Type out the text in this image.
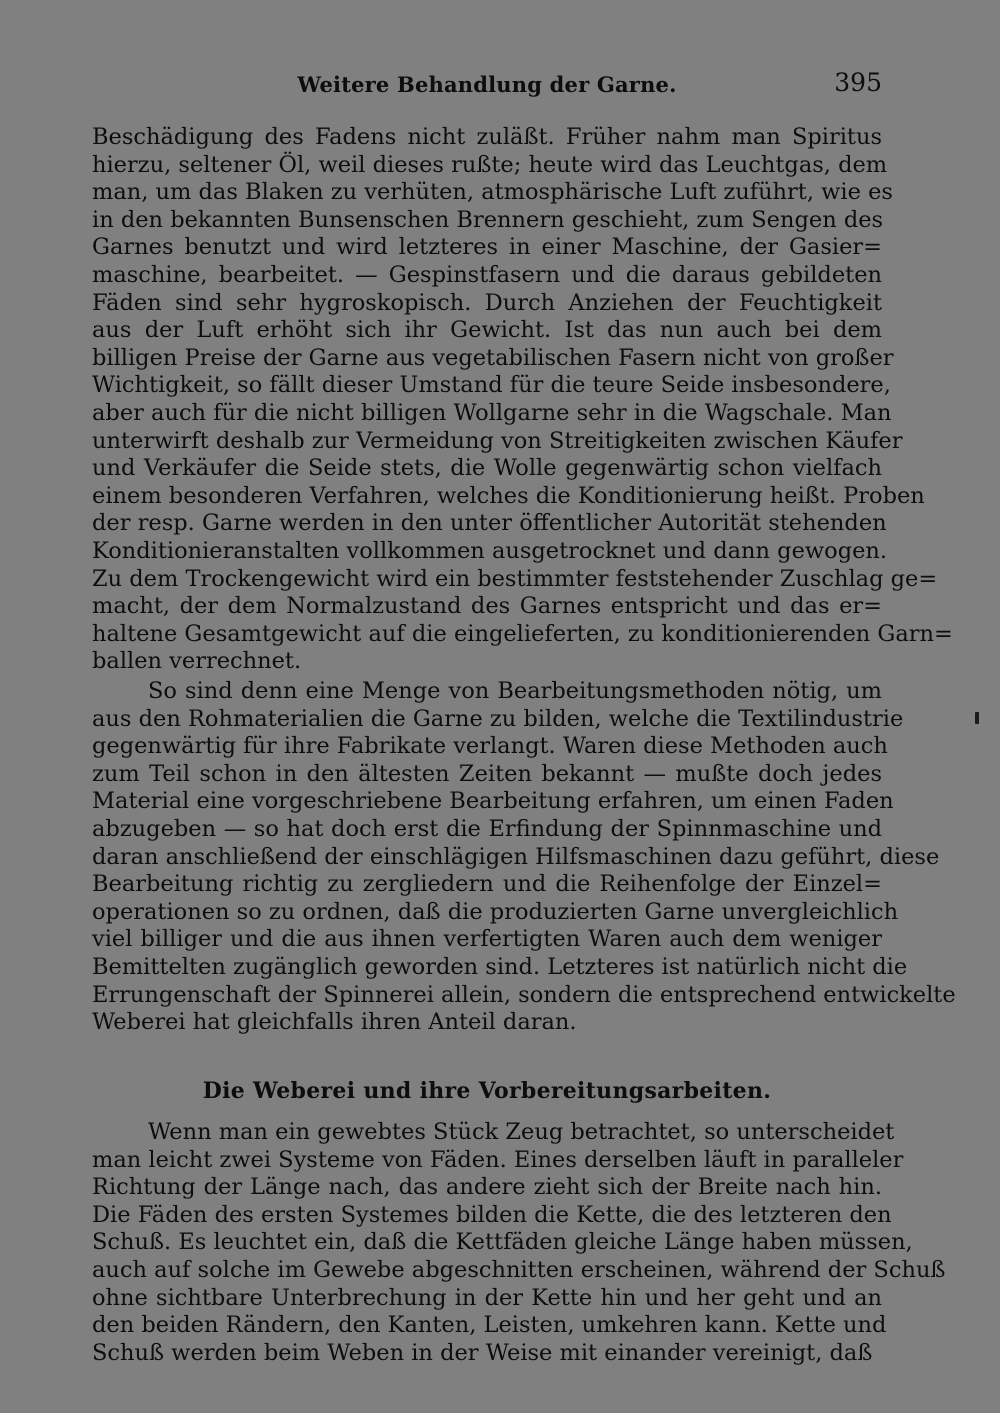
Weitere Behandlung der Garne.	395
Beschädigung des Fadens nicht zuläßt. Früher nahm man Spiritus
hierzu, seltener Öl, weil dieses rußte; heute wird das Leuchtgas, dem
man, um das Blaken zu verhüten, atmosphärische Luft zuführt, wie es
in den bekannten Bunsenschen Brennern geschieht, zum Sengen des
Garnes benutzt und wird letzteres in einer Maschine, der Gasier=
maschine, bearbeitet. — Gespinstfasern und die daraus gebildeten
Fäden sind sehr hygroskopisch. Durch Anziehen der Feuchtigkeit
aus der Luft erhöht sich ihr Gewicht. Ist das nun auch bei dem
billigen Preise der Garne aus vegetabilischen Fasern nicht von großer
Wichtigkeit, so fällt dieser Umstand für die teure Seide insbesondere,
aber auch für die nicht billigen Wollgarne sehr in die Wagschale. Man
unterwirft deshalb zur Vermeidung von Streitigkeiten zwischen Käufer
und Verkäufer die Seide stets, die Wolle gegenwärtig schon vielfach
einem besonderen Verfahren, welches die Konditionierung heißt. Proben
der resp. Garne werden in den unter öffentlicher Autorität stehenden
Konditionieranstalten vollkommen ausgetrocknet und dann gewogen.
Zu dem Trockengewicht wird ein bestimmter feststehender Zuschlag ge=
macht, der dem Normalzustand des Garnes entspricht und das er=
haltene Gesamtgewicht auf die eingelieferten, zu konditionierenden Garn=
ballen verrechnet.
So sind denn eine Menge von Bearbeitungsmethoden nötig, um
aus den Rohmaterialien die Garne zu bilden, welche die Textilindustrie
gegenwärtig für ihre Fabrikate verlangt. Waren diese Methoden auch
zum Teil schon in den ältesten Zeiten bekannt — mußte doch jedes
Material eine vorgeschriebene Bearbeitung erfahren, um einen Faden
abzugeben — so hat doch erst die Erfindung der Spinnmaschine und
daran anschließend der einschlägigen Hilfsmaschinen dazu geführt, diese
Bearbeitung richtig zu zergliedern und die Reihenfolge der Einzel=
operationen so zu ordnen, daß die produzierten Garne unvergleichlich
viel billiger und die aus ihnen verfertigten Waren auch dem weniger
Bemittelten zugänglich geworden sind. Letzteres ist natürlich nicht die
Errungenschaft der Spinnerei allein, sondern die entsprechend entwickelte
Weberei hat gleichfalls ihren Anteil daran.
Die Weberei und ihre Vorbereitungsarbeiten.
Wenn man ein gewebtes Stück Zeug betrachtet, so unterscheidet
man leicht zwei Systeme von Fäden. Eines derselben läuft in paralleler
Richtung der Länge nach, das andere zieht sich der Breite nach hin.
Die Fäden des ersten Systemes bilden die Kette, die des letzteren den
Schuß. Es leuchtet ein, daß die Kettfäden gleiche Länge haben müssen,
auch auf solche im Gewebe abgeschnitten erscheinen, während der Schuß
ohne sichtbare Unterbrechung in der Kette hin und her geht und an
den beiden Rändern, den Kanten, Leisten, umkehren kann. Kette und
Schuß werden beim Weben in der Weise mit einander vereinigt, daß
